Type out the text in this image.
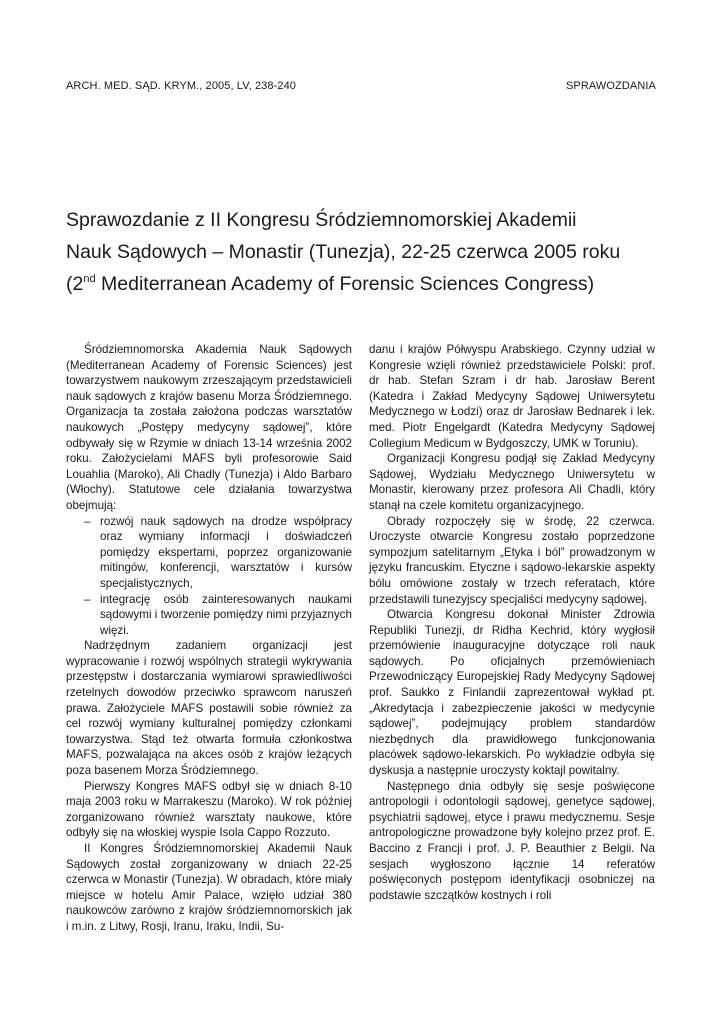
ARCH. MED. SĄD. KRYM., 2005, LV, 238-240	SPRAWOZDANIA
Sprawozdanie z II Kongresu Śródziemnomorskiej Akademii
Nauk Sądowych – Monastir (Tunezja), 22-25 czerwca 2005 roku
(2nd Mediterranean Academy of Forensic Sciences Congress)

Śródziemnomorska Akademia Nauk Sądowych (Mediterranean Academy of Forensic Sciences) jest towarzystwem naukowym zrzeszającym przedstawicieli nauk sądowych z krajów basenu Morza Śródziemnego. Organizacja ta została założona podczas warsztatów naukowych „Postępy medycyny sądowej”, które odbywały się w Rzymie w dniach 13-14 września 2002 roku. Założycielami MAFS byli profesorowie Said Louahlia (Maroko), Ali Chadly (Tunezja) i Aldo Barbaro (Włochy). Statutowe cele działania towarzystwa obejmują:

– rozwój nauk sądowych na drodze współpracy oraz wymiany informacji i doświadczeń pomiędzy ekspertami, poprzez organizowanie mitingów, konferencji, warsztatów i kursów specjalistycznych,
– integrację osób zainteresowanych naukami sądowymi i tworzenie pomiędzy nimi przyjaznych więzi.

Nadrzędnym zadaniem organizacji jest wypracowanie i rozwój wspólnych strategii wykrywania przestępstw i dostarczania wymiarowi sprawiedliwości rzetelnych dowodów przeciwko sprawcom naruszeń prawa. Założyciele MAFS postawili sobie również za cel rozwój wymiany kulturalnej pomiędzy członkami towarzystwa. Stąd też otwarta formuła członkostwa MAFS, pozwalająca na akces osób z krajów leżących poza basenem Morza Śródziemnego.

Pierwszy Kongres MAFS odbył się w dniach 8-10 maja 2003 roku w Marrakeszu (Maroko). W rok później zorganizowano również warsztaty naukowe, które odbyły się na włoskiej wyspie Isola Cappo Rozzuto.

II Kongres Śródziemnomorskiej Akademii Nauk Sądowych został zorganizowany w dniach 22-25 czerwca w Monastir (Tunezja). W obradach, które miały miejsce w hotelu Amir Palace, wzięło udział 380 naukowców zarówno z krajów śródziemnomorskich jak i m.in. z Litwy, Rosji, Iranu, Iraku, Indii, Su-

danu i krajów Półwyspu Arabskiego. Czynny udział w Kongresie wzięli również przedstawiciele Polski: prof. dr hab. Stefan Szram i dr hab. Jarosław Berent (Katedra i Zakład Medycyny Sądowej Uniwersytetu Medycznego w Łodzi) oraz dr Jarosław Bednarek i lek. med. Piotr Engelgardt (Katedra Medycyny Sądowej Collegium Medicum w Bydgoszczy, UMK w Toruniu).

Organizacji Kongresu podjął się Zakład Medycyny Sądowej, Wydziału Medycznego Uniwersytetu w Monastir, kierowany przez profesora Ali Chadli, który stanął na czele komitetu organizacyjnego.

Obrady rozpoczęły się w środę, 22 czerwca. Uroczyste otwarcie Kongresu zostało poprzedzone sympozjum satelitarnym „Etyka i ból” prowadzonym w języku francuskim. Etyczne i sądowo-lekarskie aspekty bólu omówione zostały w trzech referatach, które przedstawili tunezyjscy specjaliści medycyny sądowej.

Otwarcia Kongresu dokonał Minister Zdrowia Republiki Tunezji, dr Ridha Kechrid, który wygłosił przemówienie inauguracyjne dotyczące roli nauk sądowych. Po oficjalnych przemówieniach Przewodniczący Europejskiej Rady Medycyny Sądowej prof. Saukko z Finlandii zaprezentował wykład pt. „Akredytacja i zabezpieczenie jakości w medycynie sądowej”, podejmujący problem standardów niezbędnych dla prawidłowego funkcjonowania placówek sądowo-lekarskich. Po wykładzie odbyła się dyskusja a następnie uroczysty koktajl powitalny.

Następnego dnia odbyły się sesje poświęcone antropologii i odontologii sądowej, genetyce sądowej, psychiatrii sądowej, etyce i prawu medycznemu. Sesje antropologiczne prowadzone były kolejno przez prof. E. Baccino z Francji i prof. J. P. Beauthier z Belgii. Na sesjach wygłoszono łącznie 14 referatów poświęconych postępom identyfikacji osobniczej na podstawie szczątków kostnych i roli
